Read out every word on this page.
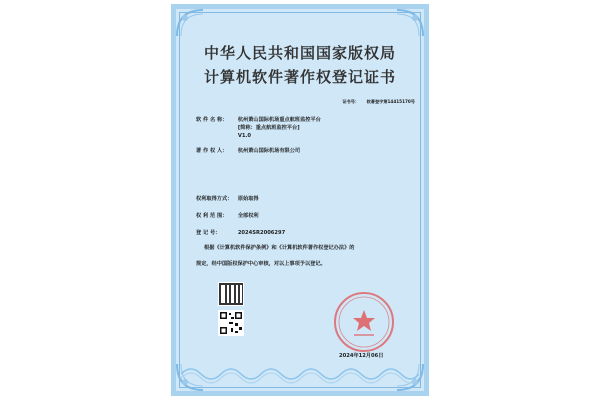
中华人民共和国国家版权局
计算机软件著作权登记证书
证书号： 软著登字第14415170号
软 件 名 称： 杭州萧山国际机场重点航班监控平台
[简称：重点航班监控平台]
V1.0
著 作 权 人： 杭州萧山国际机场有限公司
权利取得方式： 原始取得
权 利 范 围： 全部权利
登 记 号：	2024SR2006297
根据《计算机软件保护条例》和《计算机软件著作权登记办法》的
规定，经中国版权保护中心审核，对以上事项予以登记。
2024年12月06日
